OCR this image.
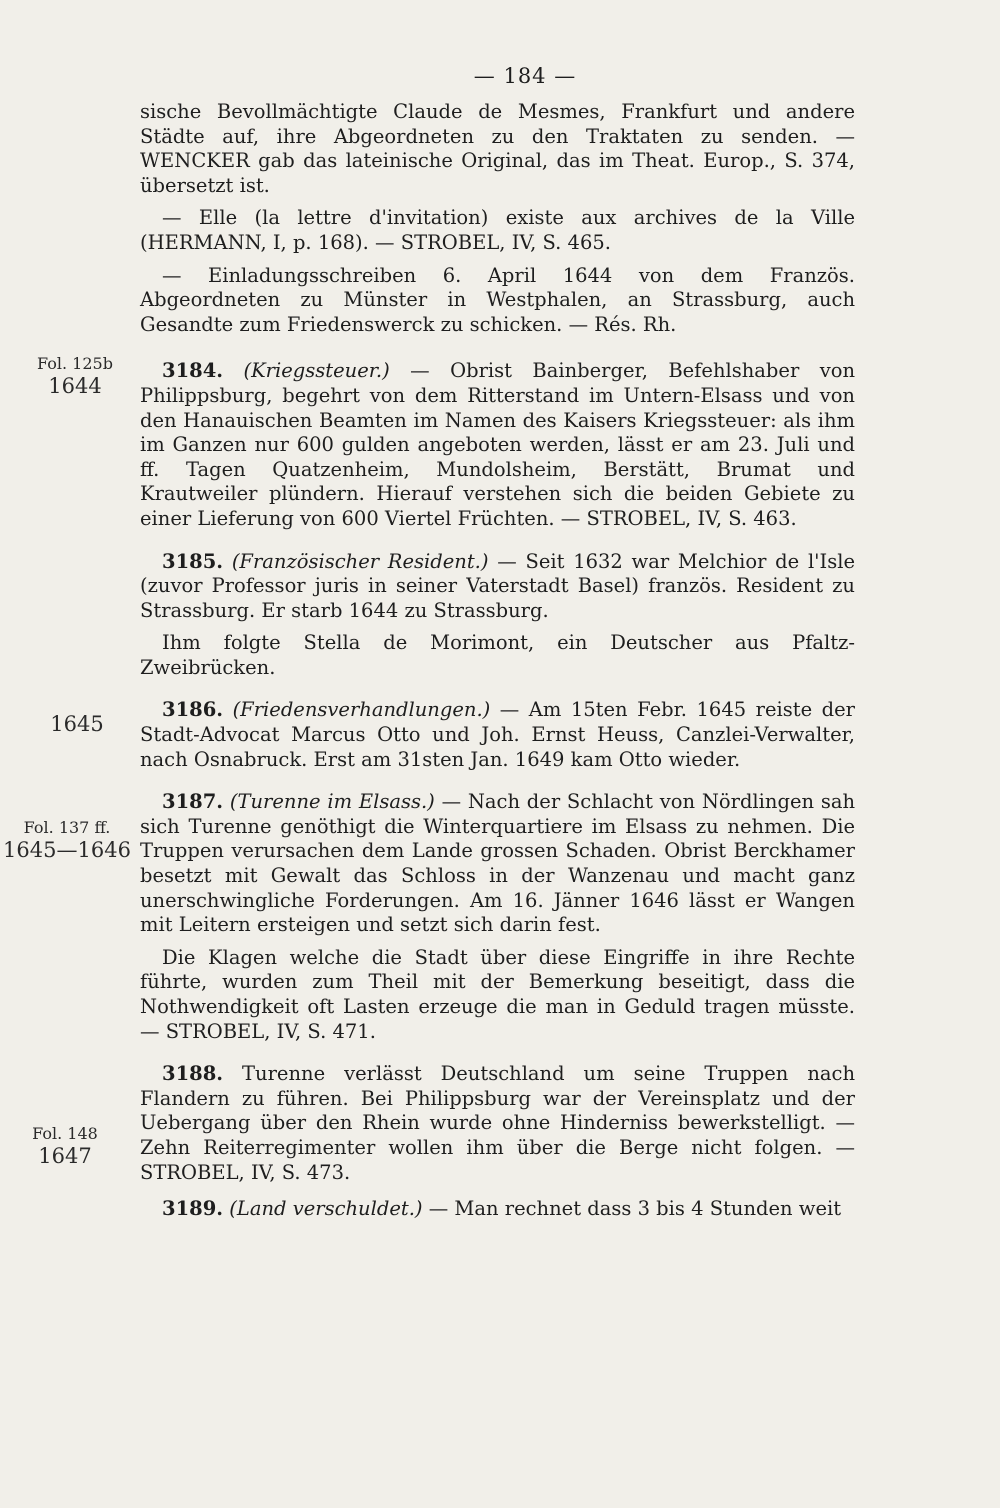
— 184 —
Fol. 125b
1644
1645
Fol. 137 ff.
1645—1646
Fol. 148
1647

sische Bevollmächtigte Claude de Mesmes, Frankfurt und andere Städte auf, ihre Abgeordneten zu den Traktaten zu senden. — WENCKER gab das lateinische Original, das im Theat. Europ., S. 374, übersetzt ist.

— Elle (la lettre d'invitation) existe aux archives de la Ville (HERMANN, I, p. 168). — STROBEL, IV, S. 465.

— Einladungsschreiben 6. April 1644 von dem Französ. Abgeordneten zu Münster in Westphalen, an Strassburg, auch Gesandte zum Friedenswerck zu schicken. — Rés. Rh.

3184. (Kriegssteuer.) — Obrist Bainberger, Befehlshaber von Philippsburg, begehrt von dem Ritterstand im Untern-Elsass und von den Hanauischen Beamten im Namen des Kaisers Kriegssteuer: als ihm im Ganzen nur 600 gulden angeboten werden, lässt er am 23. Juli und ff. Tagen Quatzenheim, Mundolsheim, Berstätt, Brumat und Krautweiler plündern. Hierauf verstehen sich die beiden Gebiete zu einer Lieferung von 600 Viertel Früchten. — STROBEL, IV, S. 463.

3185. (Französischer Resident.) — Seit 1632 war Melchior de l'Isle (zuvor Professor juris in seiner Vaterstadt Basel) französ. Resident zu Strassburg. Er starb 1644 zu Strassburg.

Ihm folgte Stella de Morimont, ein Deutscher aus Pfaltz-Zweibrücken.

3186. (Friedensverhandlungen.) — Am 15ten Febr. 1645 reiste der Stadt-Advocat Marcus Otto und Joh. Ernst Heuss, Canzlei-Verwalter, nach Osnabruck. Erst am 31sten Jan. 1649 kam Otto wieder.

3187. (Turenne im Elsass.) — Nach der Schlacht von Nördlingen sah sich Turenne genöthigt die Winterquartiere im Elsass zu nehmen. Die Truppen verursachen dem Lande grossen Schaden. Obrist Berckhamer besetzt mit Gewalt das Schloss in der Wanzenau und macht ganz unerschwingliche Forderungen. Am 16. Jänner 1646 lässt er Wangen mit Leitern ersteigen und setzt sich darin fest.

Die Klagen welche die Stadt über diese Eingriffe in ihre Rechte führte, wurden zum Theil mit der Bemerkung beseitigt, dass die Nothwendigkeit oft Lasten erzeuge die man in Geduld tragen müsste. — STROBEL, IV, S. 471.

3188. Turenne verlässt Deutschland um seine Truppen nach Flandern zu führen. Bei Philippsburg war der Vereinsplatz und der Uebergang über den Rhein wurde ohne Hinderniss bewerkstelligt. — Zehn Reiterregimenter wollen ihm über die Berge nicht folgen. — STROBEL, IV, S. 473.

3189. (Land verschuldet.) — Man rechnet dass 3 bis 4 Stunden weit
